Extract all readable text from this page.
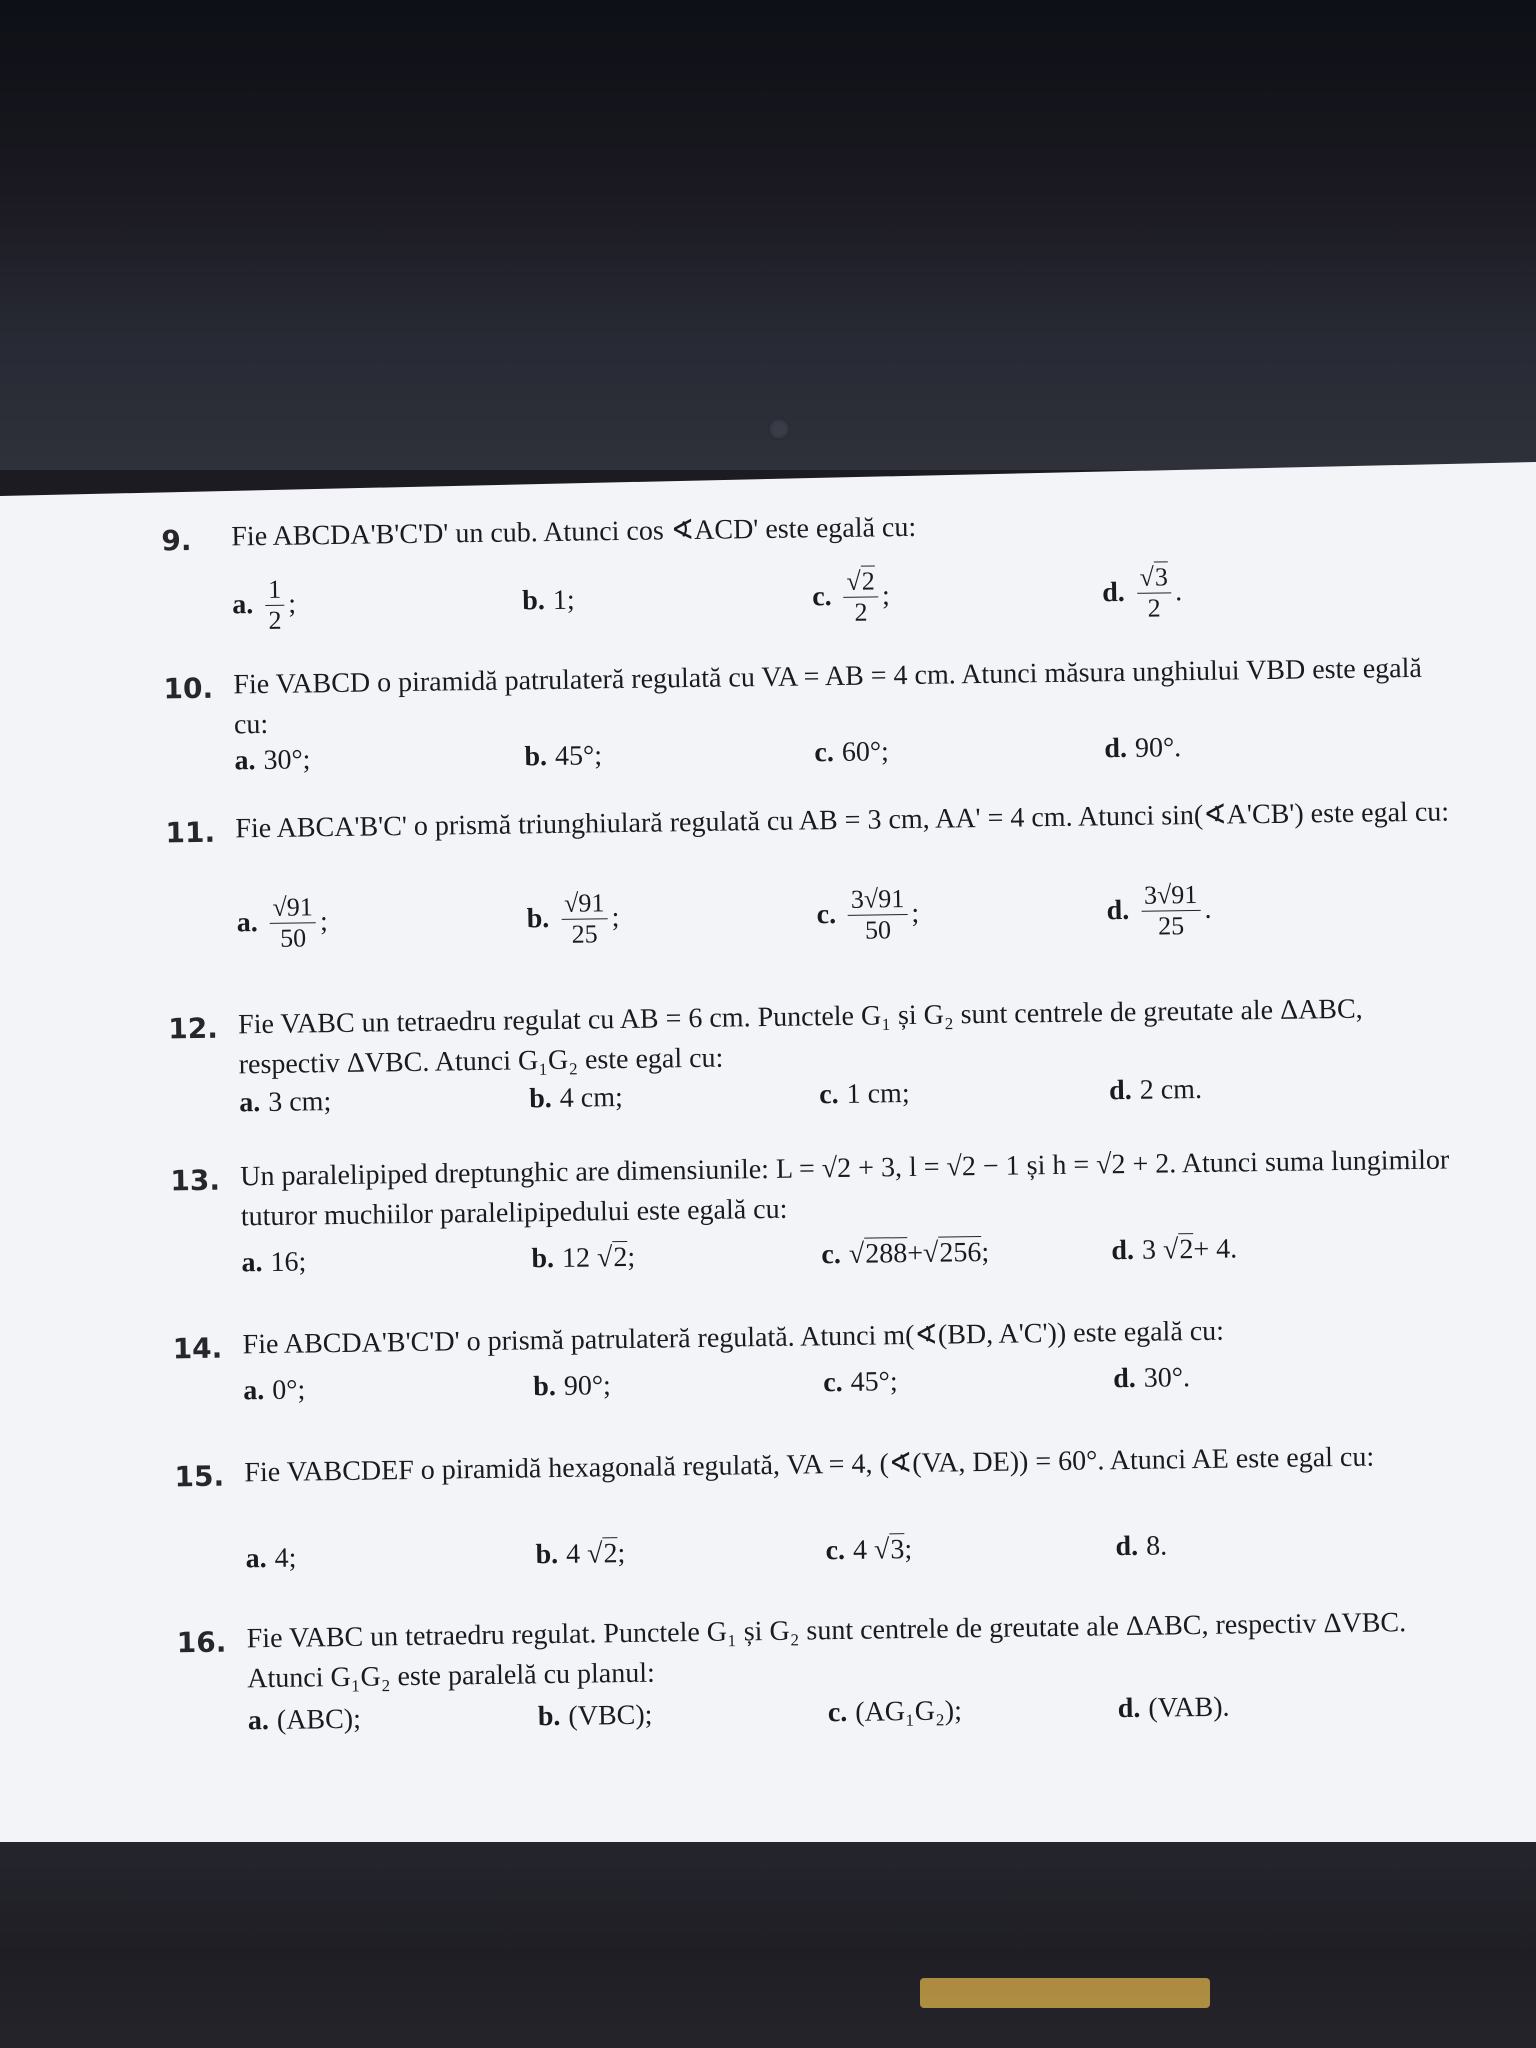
9. Fie ABCDA'B'C'D' un cub. Atunci cos ∢ACD' este egală cu:
a. $\frac{1}{2}$ ;	b. 1;	c. $\frac{√2}{2}$ ;	d. $\frac{√3}{2}$ .
10. Fie VABCD o piramidă patrulateră regulată cu VA = AB = 4 cm. Atunci măsura unghiului VBD este egală cu:
a. 30°;	b. 45°;	c. 60°;	d. 90°.
11. Fie ABCA'B'C' o prismă triunghiulară regulată cu AB = 3 cm, AA' = 4 cm. Atunci sin(∢A'CB') este egal cu:
a. $\frac{√91}{50}$ ;	b. $\frac{√91}{25}$ ;	c. $\frac{3√91}{50}$ ;	d. $\frac{3√91}{25}$ .
12. Fie VABC un tetraedru regulat cu AB = 6 cm. Punctele G₁ și G₂ sunt centrele de greutate ale ΔABC, respectiv ΔVBC. Atunci G₁G₂ este egal cu:
a. 3 cm;	b. 4 cm;	c. 1 cm;	d. 2 cm.
13. Un paralelipiped dreptunghic are dimensiunile: L = √2 + 3, l = √2 − 1 și h = √2 + 2. Atunci suma lungimilor tuturor muchiilor paralelipipedului este egală cu:
a. 16;	b. 12
√2 ;	c. √288 + √256 ;	d. 3
√2 + 4.
14. Fie ABCDA'B'C'D' o prismă patrulateră regulată. Atunci m(∢(BD, A'C')) este egală cu:
a. 0°;	b. 90°;	c. 45°;	d. 30°.
15. Fie VABCDEF o piramidă hexagonală regulată, VA = 4, (∢(VA, DE)) = 60°. Atunci AE este egal cu:
a. 4;	b. 4
√2 ;	c. 4
√3 ;	d. 8.
16. Fie VABC un tetraedru regulat. Punctele G₁ și G₂ sunt centrele de greutate ale ΔABC, respectiv ΔVBC. Atunci G₁G₂ este paralelă cu planul:
a. (ABC);	b. (VBC);	c. (AG₁G₂);	d. (VAB).
